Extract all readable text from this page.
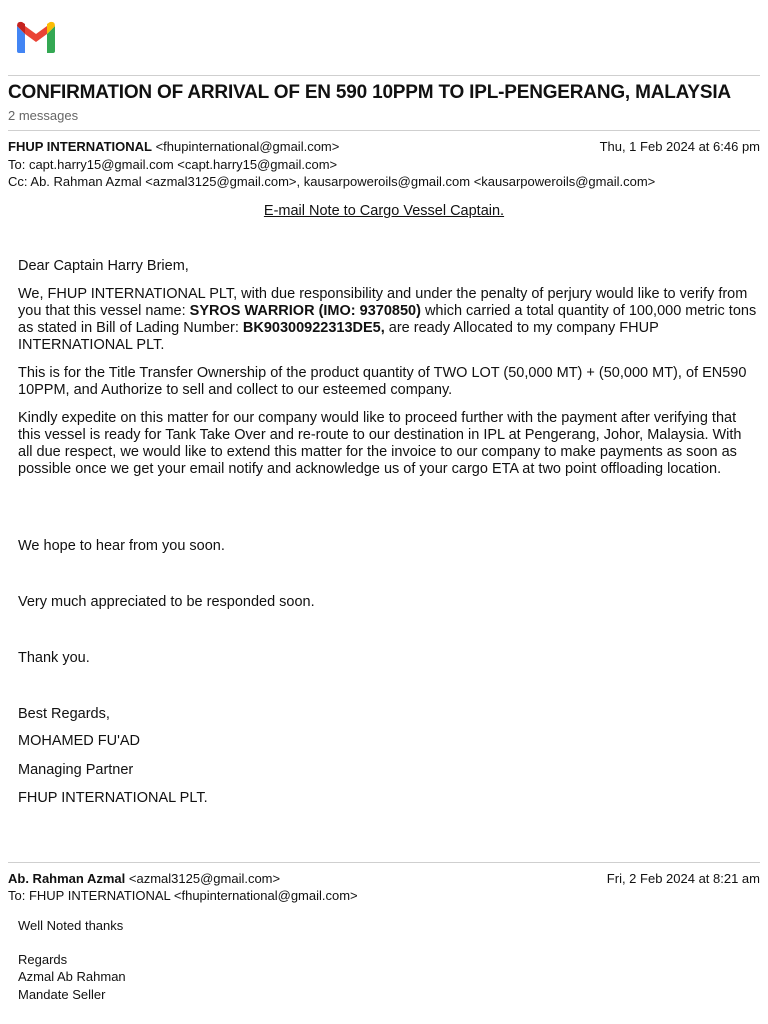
CONFIRMATION OF ARRIVAL OF EN 590 10PPM TO IPL-PENGERANG, MALAYSIA
2 messages
FHUP INTERNATIONAL <fhupinternational@gmail.com>	Thu, 1 Feb 2024 at 6:46 pm
To: capt.harry15@gmail.com <capt.harry15@gmail.com>
Cc: Ab. Rahman Azmal <azmal3125@gmail.com>, kausarpoweroils@gmail.com <kausarpoweroils@gmail.com>
E-mail Note to Cargo Vessel Captain.

Dear Captain Harry Briem,

We, FHUP INTERNATIONAL PLT, with due responsibility and under the penalty of perjury would like to verify from you that this vessel name: SYROS WARRIOR (IMO: 9370850) which carried a total quantity of 100,000 metric tons as stated in Bill of Lading Number: BK90300922313DE5, are ready Allocated to my company FHUP INTERNATIONAL PLT.

This is for the Title Transfer Ownership of the product quantity of TWO LOT (50,000 MT) + (50,000 MT), of EN590 10PPM, and Authorize to sell and collect to our esteemed company.

Kindly expedite on this matter for our company would like to proceed further with the payment after verifying that this vessel is ready for Tank Take Over and re-route to our destination in IPL at Pengerang, Johor, Malaysia. With all due respect, we would like to extend this matter for the invoice to our company to make payments as soon as possible once we get your email notify and acknowledge us of your cargo ETA at two point offloading location.

We hope to hear from you soon.
Very much appreciated to be responded soon.
Thank you.
Best Regards,
MOHAMED FU'AD
Managing Partner
FHUP INTERNATIONAL PLT.
Ab. Rahman Azmal <azmal3125@gmail.com>	Fri, 2 Feb 2024 at 8:21 am
To: FHUP INTERNATIONAL <fhupinternational@gmail.com>
Well Noted thanks
Regards
Azmal Ab Rahman
Mandate Seller
